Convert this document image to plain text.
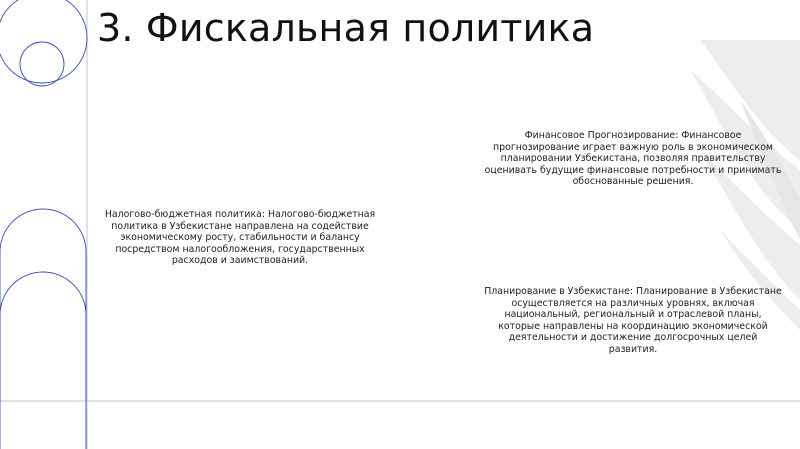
3. Фискальная политика
Налогово-бюджетная политика: Налогово-бюджетная политика в Узбекистане направлена на содействие экономическому росту, стабильности и балансу посредством налогообложения, государственных расходов и заимствований.
Финансовое Прогнозирование: Финансовое прогнозирование играет важную роль в экономическом планировании Узбекистана, позволяя правительству оценивать будущие финансовые потребности и принимать обоснованные решения.
Планирование в Узбекистане: Планирование в Узбекистане осуществляется на различных уровнях, включая национальный, региональный и отраслевой планы, которые направлены на координацию экономической деятельности и достижение долгосрочных целей развития.
